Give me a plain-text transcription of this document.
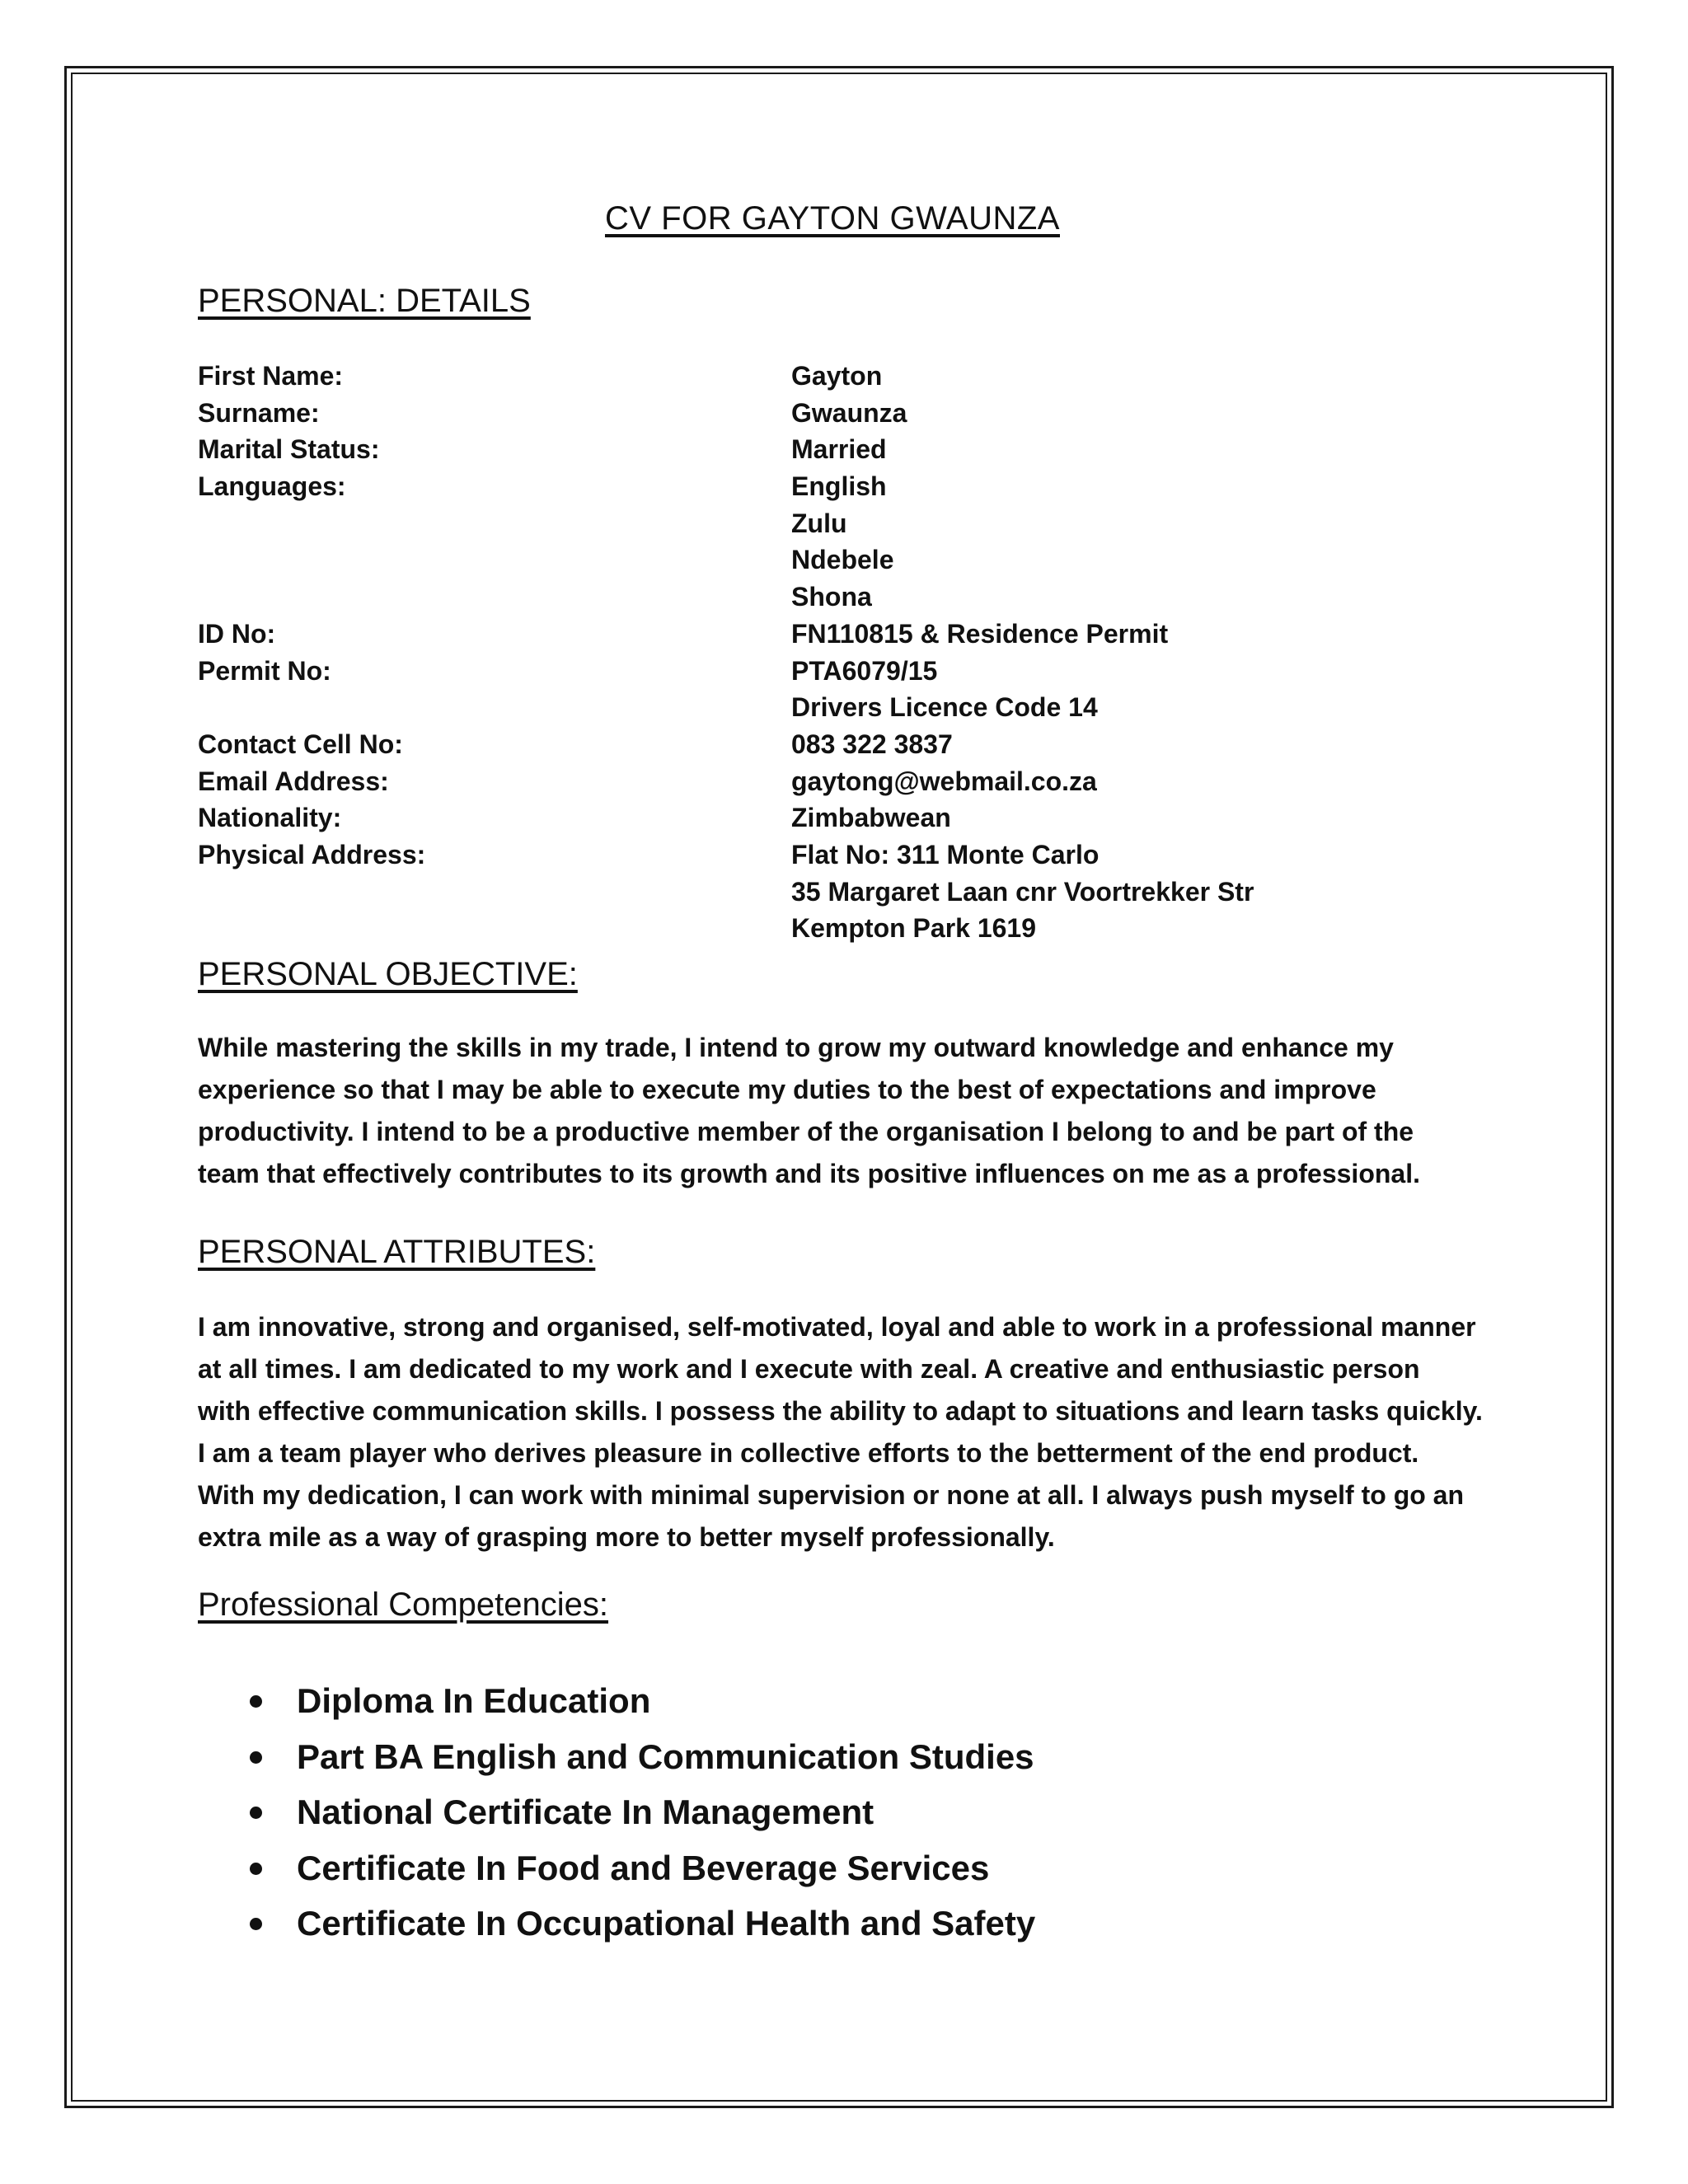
CV FOR GAYTON GWAUNZA
PERSONAL: DETAILS
First Name:	Gayton
Surname:	Gwaunza
Marital Status:	Married
Languages:	English
Zulu
Ndebele
Shona
ID No:	FN110815 & Residence Permit
Permit No:	PTA6079/15
Drivers Licence Code 14
Contact Cell No:	083 322 3837
Email Address:	gaytong@webmail.co.za
Nationality:	Zimbabwean
Physical Address:	Flat No: 311 Monte Carlo
35 Margaret Laan cnr Voortrekker Str
Kempton Park 1619
PERSONAL OBJECTIVE:
While mastering the skills in my trade, I intend to grow my outward knowledge and enhance my
experience so that I may be able to execute my duties to the best of expectations and improve
productivity. I intend to be a productive member of the organisation I belong to and be part of the
team that effectively contributes to its growth and its positive influences on me as a professional.
PERSONAL ATTRIBUTES:
I am innovative, strong and organised, self-motivated, loyal and able to work in a professional manner
at all times. I am dedicated to my work and I execute with zeal. A creative and enthusiastic person
with effective communication skills. I possess the ability to adapt to situations and learn tasks quickly.
I am a team player who derives pleasure in collective efforts to the betterment of the end product.
With my dedication, I can work with minimal supervision or none at all. I always push myself to go an
extra mile as a way of grasping more to better myself professionally.
Professional Competencies:
Diploma In Education
Part BA English and Communication Studies
National Certificate In Management
Certificate In Food and Beverage Services
Certificate In Occupational Health and Safety
